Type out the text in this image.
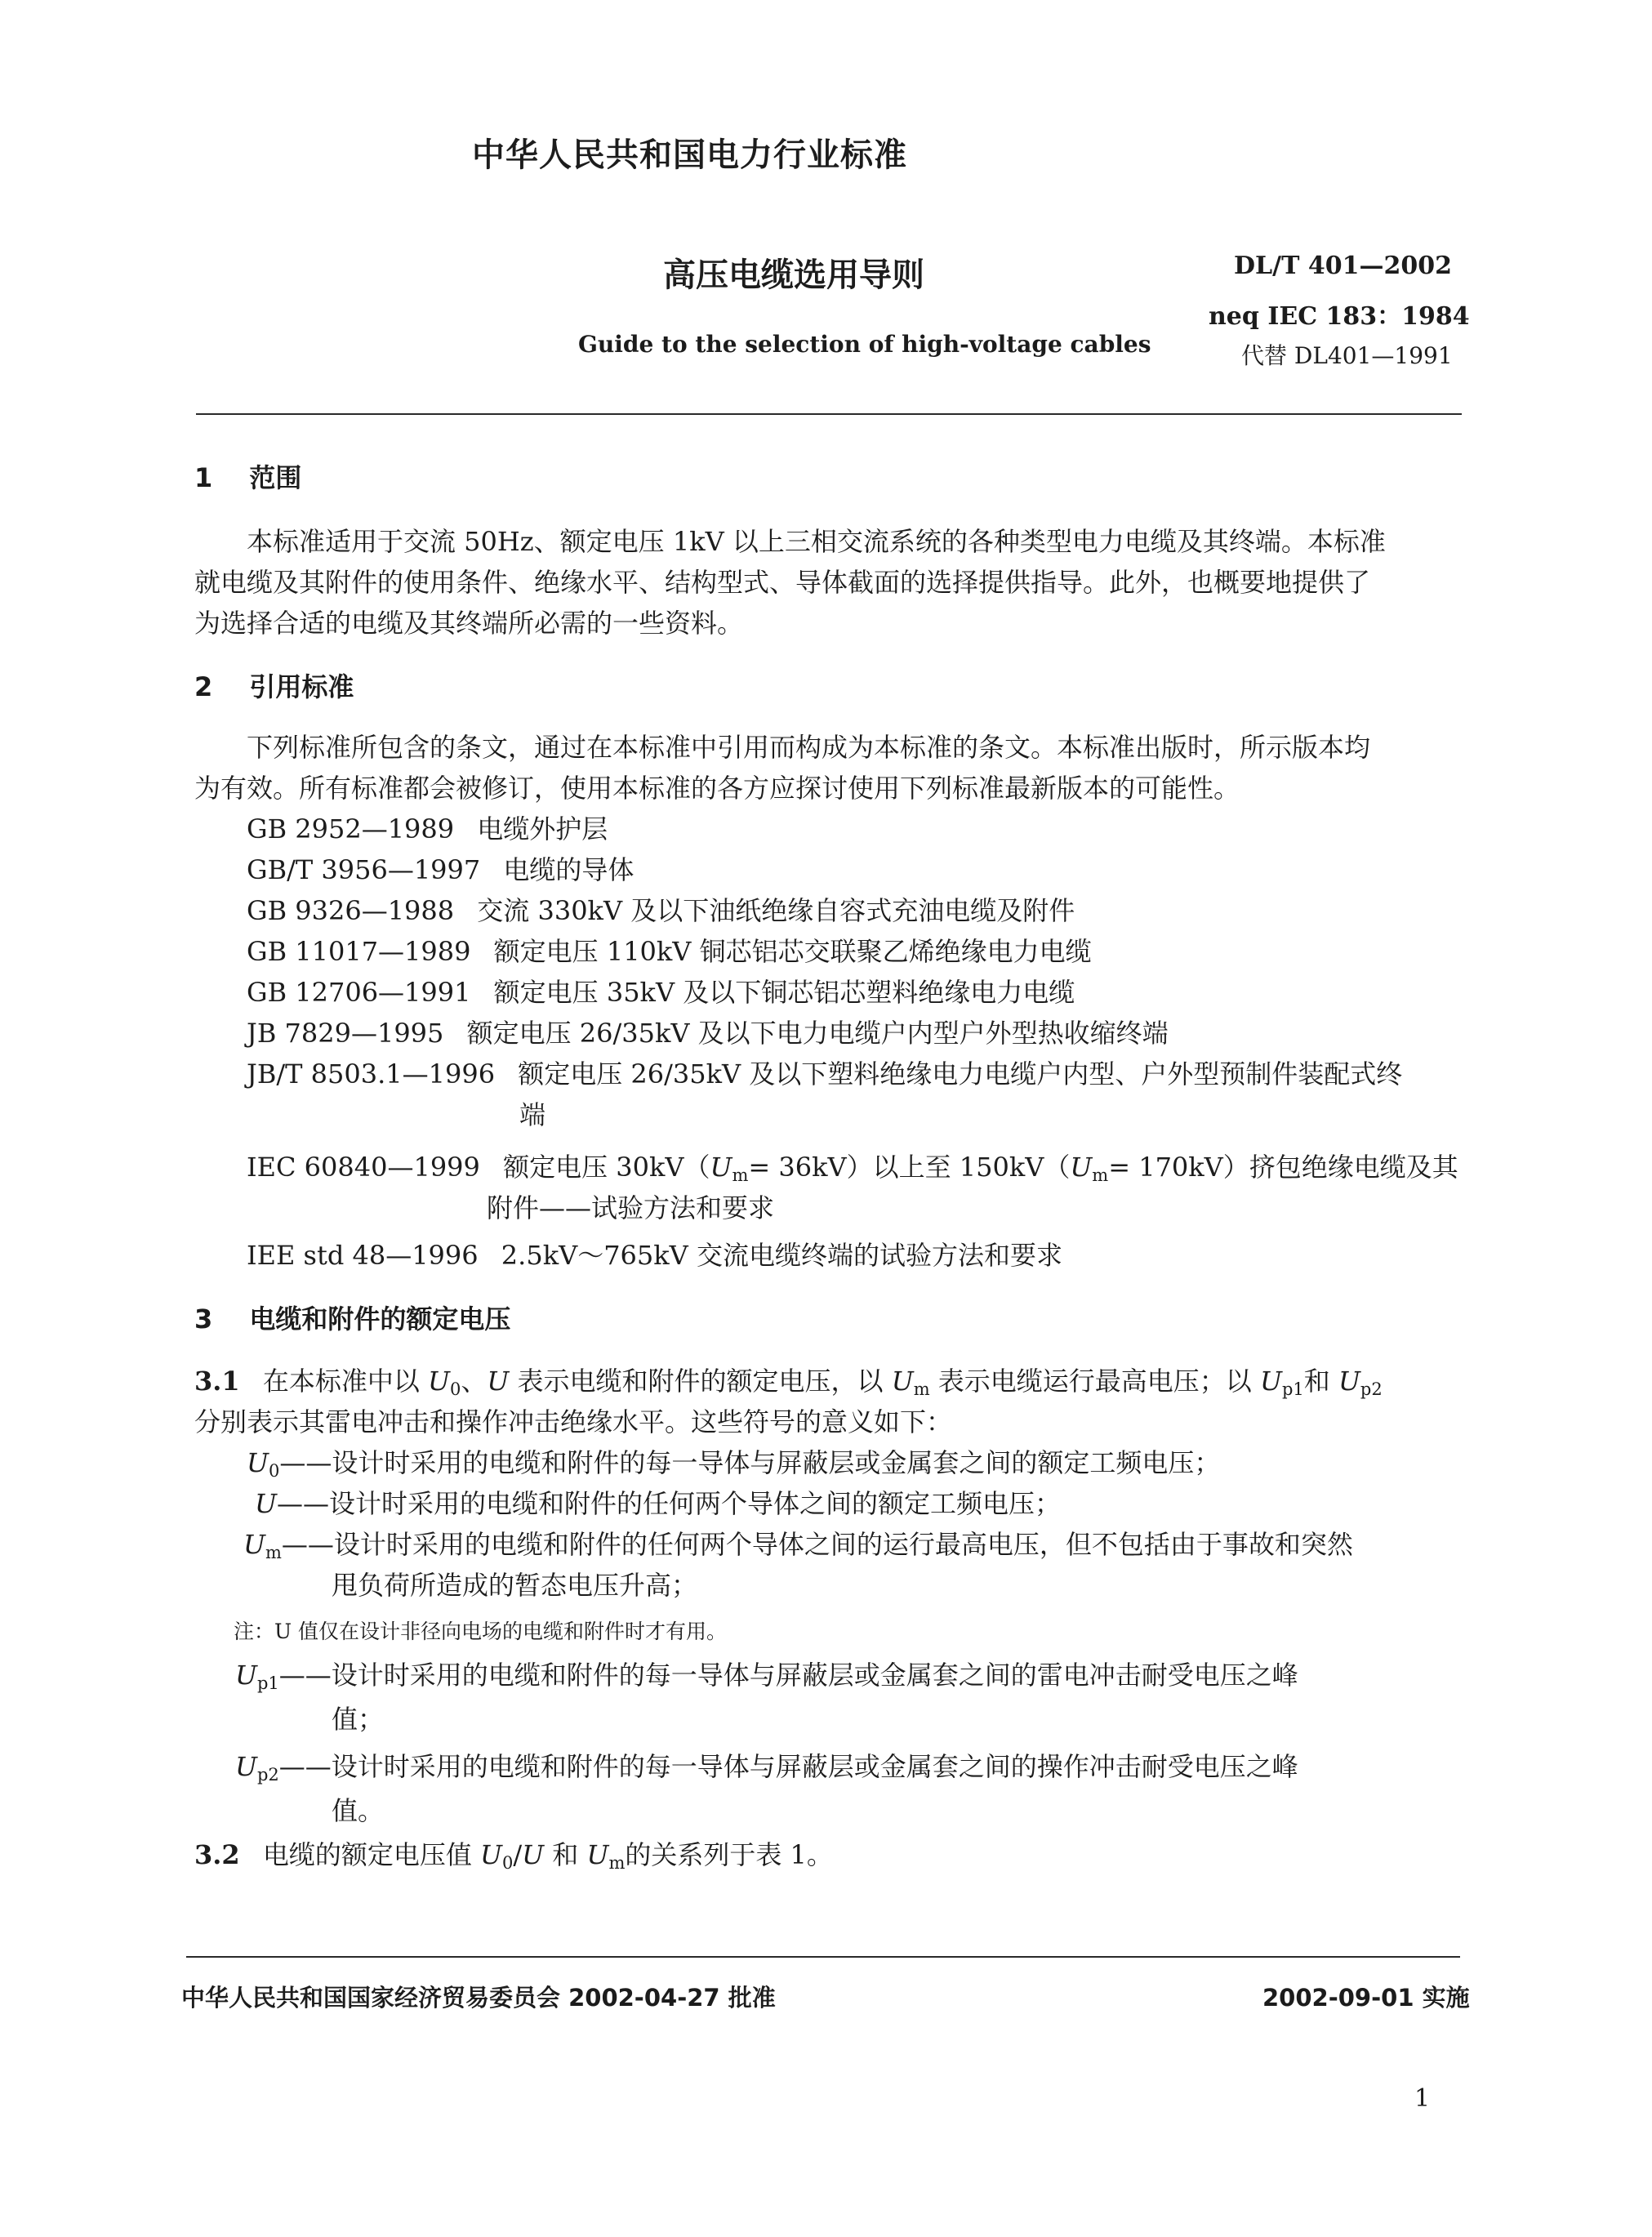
中华人民共和国电力行业标准
高压电缆选用导则
Guide to the selection of high-voltage cables
DL/T 401—2002
neq IEC 183：1984
代替 DL401—1991
1 范围
本标准适用于交流 50Hz、额定电压 1kV 以上三相交流系统的各种类型电力电缆及其终端。本标准
就电缆及其附件的使用条件、绝缘水平、结构型式、导体截面的选择提供指导。此外，也概要地提供了
为选择合适的电缆及其终端所必需的一些资料。
2 引用标准
下列标准所包含的条文，通过在本标准中引用而构成为本标准的条文。本标准出版时，所示版本均
为有效。所有标准都会被修订，使用本标准的各方应探讨使用下列标准最新版本的可能性。
GB 2952—1989 电缆外护层
GB/T 3956—1997 电缆的导体
GB 9326—1988 交流 330kV 及以下油纸绝缘自容式充油电缆及附件
GB 11017—1989 额定电压 110kV 铜芯铝芯交联聚乙烯绝缘电力电缆
GB 12706—1991 额定电压 35kV 及以下铜芯铝芯塑料绝缘电力电缆
JB 7829—1995 额定电压 26/35kV 及以下电力电缆户内型户外型热收缩终端
JB/T 8503.1—1996 额定电压 26/35kV 及以下塑料绝缘电力电缆户内型、户外型预制件装配式终
端
IEC 60840—1999 额定电压 $30kV(U_m= 36kV)$以上至 $150kV(U_m= 170kV)$挤包绝缘电缆及其
附件——试验方法和要求
IEE std 48—1996 2.5kV～765kV 交流电缆终端的试验方法和要求
3 电缆和附件的额定电压
3.1 在本标准中以 $U_0$、U 表示电缆和附件的额定电压，以 $U_m$ 表示电缆运行最高电压；以 $U_{p1}$和 $U_{p2}$
分别表示其雷电冲击和操作冲击绝缘水平。这些符号的意义如下：
$U_0——$设计时采用的电缆和附件的每一导体与屏蔽层或金属套之间的额定工频电压；
U——设计时采用的电缆和附件的任何两个导体之间的额定工频电压；
$U_m——$设计时采用的电缆和附件的任何两个导体之间的运行最高电压，但不包括由于事故和突然
甩负荷所造成的暂态电压升高；
注：U 值仅在设计非径向电场的电缆和附件时才有用。
$U_{p1}——$设计时采用的电缆和附件的每一导体与屏蔽层或金属套之间的雷电冲击耐受电压之峰
值；
$U_{p2}——$设计时采用的电缆和附件的每一导体与屏蔽层或金属套之间的操作冲击耐受电压之峰
值。
3.2 电缆的额定电压值 $U_0/U$ 和 $U_m$的关系列于表 1。
中华人民共和国国家经济贸易委员会 2002-04-27 批准	2002-09-01 实施
1
